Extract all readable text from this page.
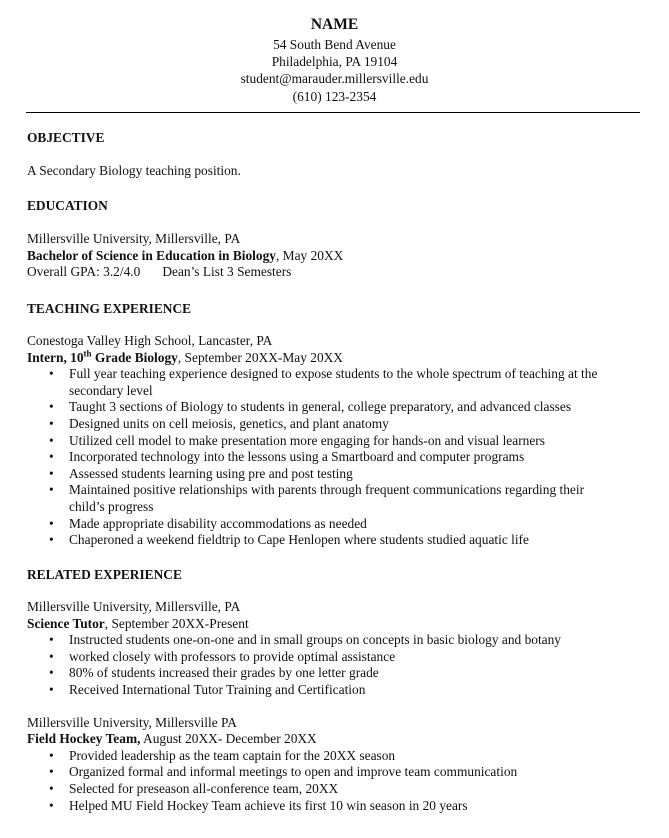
NAME
54 South Bend Avenue
Philadelphia, PA 19104
student@marauder.millersville.edu
(610) 123-2354
OBJECTIVE
A Secondary Biology teaching position.
EDUCATION
Millersville University, Millersville, PA
Bachelor of Science in Education in Biology, May 20XX
Overall GPA: 3.2/4.0 Dean’s List 3 Semesters
TEACHING EXPERIENCE
Conestoga Valley High School, Lancaster, PA
Intern, 10th Grade Biology, September 20XX-May 20XX
• Full year teaching experience designed to expose students to the whole spectrum of teaching at the
secondary level
• Taught 3 sections of Biology to students in general, college preparatory, and advanced classes
• Designed units on cell meiosis, genetics, and plant anatomy
• Utilized cell model to make presentation more engaging for hands-on and visual learners
• Incorporated technology into the lessons using a Smartboard and computer programs
• Assessed students learning using pre and post testing
• Maintained positive relationships with parents through frequent communications regarding their
child’s progress
• Made appropriate disability accommodations as needed
• Chaperoned a weekend fieldtrip to Cape Henlopen where students studied aquatic life
RELATED EXPERIENCE
Millersville University, Millersville, PA
Science Tutor, September 20XX-Present
• Instructed students one-on-one and in small groups on concepts in basic biology and botany
• worked closely with professors to provide optimal assistance
• 80% of students increased their grades by one letter grade
• Received International Tutor Training and Certification
Millersville University, Millersville PA
Field Hockey Team, August 20XX- December 20XX
• Provided leadership as the team captain for the 20XX season
• Organized formal and informal meetings to open and improve team communication
• Selected for preseason all-conference team, 20XX
• Helped MU Field Hockey Team achieve its first 10 win season in 20 years
